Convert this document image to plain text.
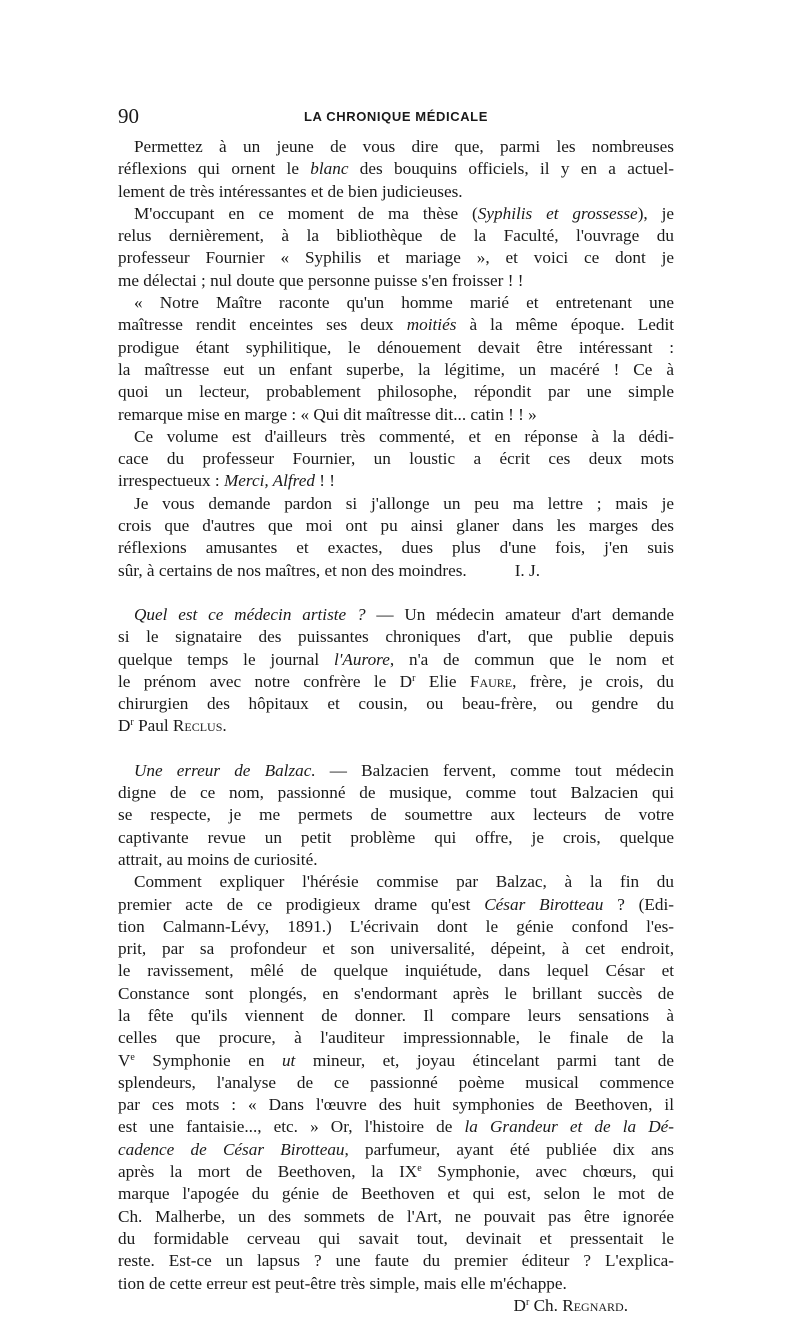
90	LA CHRONIQUE MÉDICALE
Permettez à un jeune de vous dire que, parmi les nombreuses
réflexions qui ornent le blanc des bouquins officiels, il y en a actuel-
lement de très intéressantes et de bien judicieuses.
M'occupant en ce moment de ma thèse (Syphilis et grossesse), je
relus dernièrement, à la bibliothèque de la Faculté, l'ouvrage du
professeur Fournier « Syphilis et mariage », et voici ce dont je
me délectai ; nul doute que personne puisse s'en froisser ! !
« Notre Maître raconte qu'un homme marié et entretenant une
maîtresse rendit enceintes ses deux moitiés à la même époque. Ledit
prodigue étant syphilitique, le dénouement devait être intéressant :
la maîtresse eut un enfant superbe, la légitime, un macéré ! Ce à
quoi un lecteur, probablement philosophe, répondit par une simple
remarque mise en marge : « Qui dit maîtresse dit... catin ! ! »
Ce volume est d'ailleurs très commenté, et en réponse à la dédi-
cace du professeur Fournier, un loustic a écrit ces deux mots
irrespectueux : Merci, Alfred ! !
Je vous demande pardon si j'allonge un peu ma lettre ; mais je
crois que d'autres que moi ont pu ainsi glaner dans les marges des
réflexions amusantes et exactes, dues plus d'une fois, j'en suis
sûr, à certains de nos maîtres, et non des moindres.	I. J.
Quel est ce médecin artiste ? — Un médecin amateur d'art demande
si le signataire des puissantes chroniques d'art, que publie depuis
quelque temps le journal l'Aurore, n'a de commun que le nom et
le prénom avec notre confrère le $D^r$ Elie Faure, frère, je crois, du
chirurgien des hôpitaux et cousin, ou beau-frère, ou gendre du
$D^r$ Paul Reclus.
Une erreur de Balzac. — Balzacien fervent, comme tout médecin
digne de ce nom, passionné de musique, comme tout Balzacien qui
se respecte, je me permets de soumettre aux lecteurs de votre
captivante revue un petit problème qui offre, je crois, quelque
attrait, au moins de curiosité.
Comment expliquer l'hérésie commise par Balzac, à la fin du
premier acte de ce prodigieux drame qu'est César Birotteau ? (Edi-
tion Calmann-Lévy, 1891.) L'écrivain dont le génie confond l'es-
prit, par sa profondeur et son universalité, dépeint, à cet endroit,
le ravissement, mêlé de quelque inquiétude, dans lequel César et
Constance sont plongés, en s'endormant après le brillant succès de
la fête qu'ils viennent de donner. Il compare leurs sensations à
celles que procure, à l'auditeur impressionnable, le finale de la
Ve Symphonie en ut mineur, et, joyau étincelant parmi tant de
splendeurs, l'analyse de ce passionné poème musical commence
par ces mots : « Dans l'œuvre des huit symphonies de Beethoven, il
est une fantaisie..., etc. » Or, l'histoire de la Grandeur et de la Dé-
cadence de César Birotteau, parfumeur, ayant été publiée dix ans
après la mort de Beethoven, la IXe Symphonie, avec chœurs, qui
marque l'apogée du génie de Beethoven et qui est, selon le mot de
Ch. Malherbe, un des sommets de l'Art, ne pouvait pas être ignorée
du formidable cerveau qui savait tout, devinait et pressentait le
reste. Est-ce un lapsus ? une faute du premier éditeur ? L'explica-
tion de cette erreur est peut-être très simple, mais elle m'échappe.
$D^r$ Ch. Regnard.
